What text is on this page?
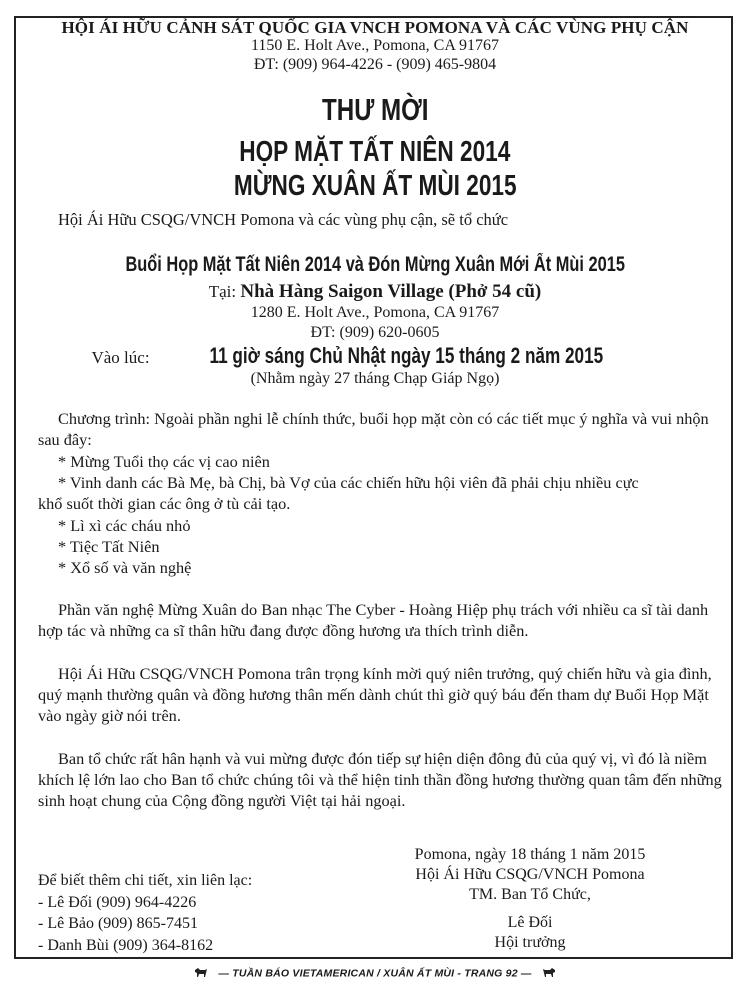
HỘI ÁI HỮU CẢNH SÁT QUỐC GIA VNCH POMONA VÀ CÁC VÙNG PHỤ CẬN
1150 E. Holt Ave., Pomona, CA 91767
ĐT: (909) 964-4226 - (909) 465-9804
THƯ MỜI
HỌP MẶT TẤT NIÊN 2014
MỪNG XUÂN ẤT MÙI 2015
Hội Ái Hữu CSQG/VNCH Pomona và các vùng phụ cận, sẽ tổ chức
Buổi Họp Mặt Tất Niên 2014 và Đón Mừng Xuân Mới Ất Mùi 2015
Tại: Nhà Hàng Saigon Village (Phở 54 cũ)
1280 E. Holt Ave., Pomona, CA 91767
ĐT: (909) 620-0605
Vào lúc:	11 giờ sáng Chủ Nhật ngày 15 tháng 2 năm 2015
(Nhằm ngày 27 tháng Chạp Giáp Ngọ)
Chương trình: Ngoài phần nghi lễ chính thức, buổi họp mặt còn có các tiết mục ý nghĩa và vui nhộn sau đây:
* Mừng Tuổi thọ các vị cao niên
* Vinh danh các Bà Mẹ, bà Chị, bà Vợ của các chiến hữu hội viên đã phải chịu nhiều cực
khổ suốt thời gian các ông ở tù cải tạo.
* Lì xì các cháu nhỏ
* Tiệc Tất Niên
* Xổ số và văn nghệ
Phần văn nghệ Mừng Xuân do Ban nhạc The Cyber - Hoàng Hiệp phụ trách với nhiều ca sĩ tài danh hợp tác và những ca sĩ thân hữu đang được đồng hương ưa thích trình diễn.
Hội Ái Hữu CSQG/VNCH Pomona trân trọng kính mời quý niên trưởng, quý chiến hữu và gia đình, quý mạnh thường quân và đồng hương thân mến dành chút thì giờ quý báu đến tham dự Buổi Họp Mặt vào ngày giờ nói trên.
Ban tổ chức rất hân hạnh và vui mừng được đón tiếp sự hiện diện đông đủ của quý vị, vì đó là niềm khích lệ lớn lao cho Ban tổ chức chúng tôi và thể hiện tinh thần đồng hương thường quan tâm đến những sinh hoạt chung của Cộng đồng người Việt tại hải ngoại.
Pomona, ngày 18 tháng 1 năm 2015
Hội Ái Hữu CSQG/VNCH Pomona
TM. Ban Tổ Chức,
Lê Đối
Hội trưởng
Để biết thêm chi tiết, xin liên lạc:
- Lê Đối (909) 964-4226
- Lê Bảo (909) 865-7451
- Danh Bùi (909) 364-8162
— TUẦN BÁO VIETAMERICAN / XUÂN ẤT MÙI - TRANG 92 —
